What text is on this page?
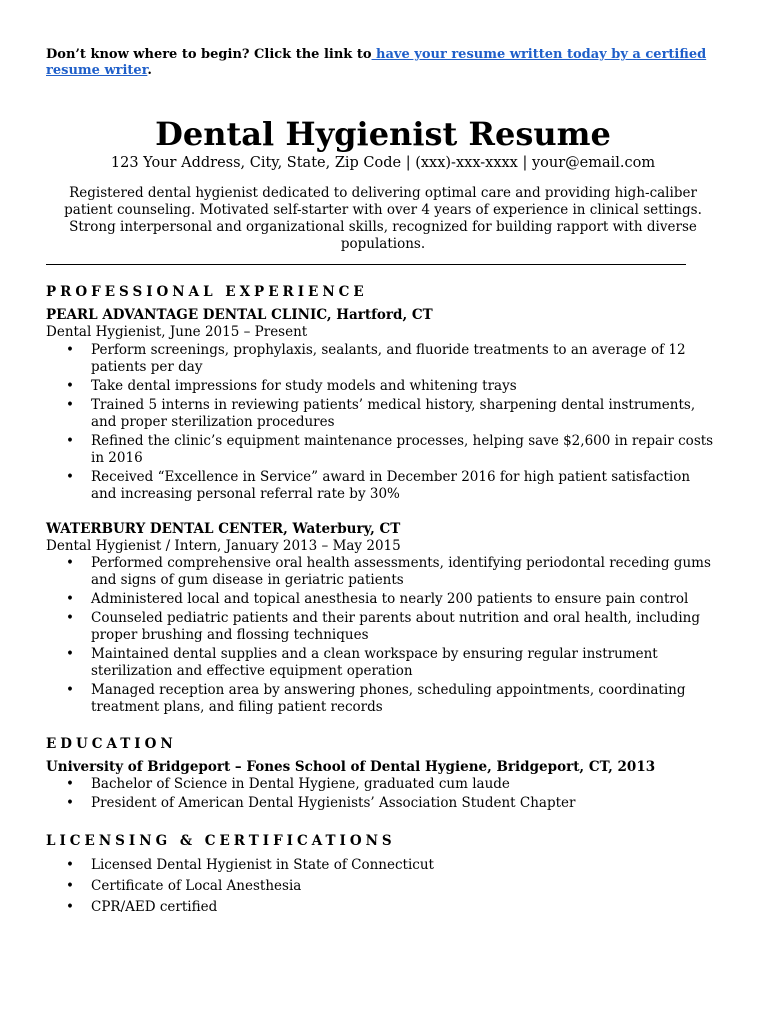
Don’t know where to begin? Click the link to have your resume written today by a certified resume writer.
Dental Hygienist Resume
123 Your Address, City, State, Zip Code | (xxx)-xxx-xxxx | your@email.com
Registered dental hygienist dedicated to delivering optimal care and providing high-caliber patient counseling. Motivated self-starter with over 4 years of experience in clinical settings. Strong interpersonal and organizational skills, recognized for building rapport with diverse populations.
PROFESSIONAL EXPERIENCE
PEARL ADVANTAGE DENTAL CLINIC, Hartford, CT
Dental Hygienist, June 2015 – Present
• Perform screenings, prophylaxis, sealants, and fluoride treatments to an average of 12 patients per day
• Take dental impressions for study models and whitening trays
• Trained 5 interns in reviewing patients’ medical history, sharpening dental instruments, and proper sterilization procedures
• Refined the clinic’s equipment maintenance processes, helping save $2,600 in repair costs in 2016
• Received “Excellence in Service” award in December 2016 for high patient satisfaction and increasing personal referral rate by 30%
WATERBURY DENTAL CENTER, Waterbury, CT
Dental Hygienist / Intern, January 2013 – May 2015
• Performed comprehensive oral health assessments, identifying periodontal receding gums and signs of gum disease in geriatric patients
• Administered local and topical anesthesia to nearly 200 patients to ensure pain control
• Counseled pediatric patients and their parents about nutrition and oral health, including proper brushing and flossing techniques
• Maintained dental supplies and a clean workspace by ensuring regular instrument sterilization and effective equipment operation
• Managed reception area by answering phones, scheduling appointments, coordinating treatment plans, and filing patient records
EDUCATION
University of Bridgeport – Fones School of Dental Hygiene, Bridgeport, CT, 2013
• Bachelor of Science in Dental Hygiene, graduated cum laude
• President of American Dental Hygienists’ Association Student Chapter
LICENSING & CERTIFICATIONS
• Licensed Dental Hygienist in State of Connecticut
• Certificate of Local Anesthesia
• CPR/AED certified
